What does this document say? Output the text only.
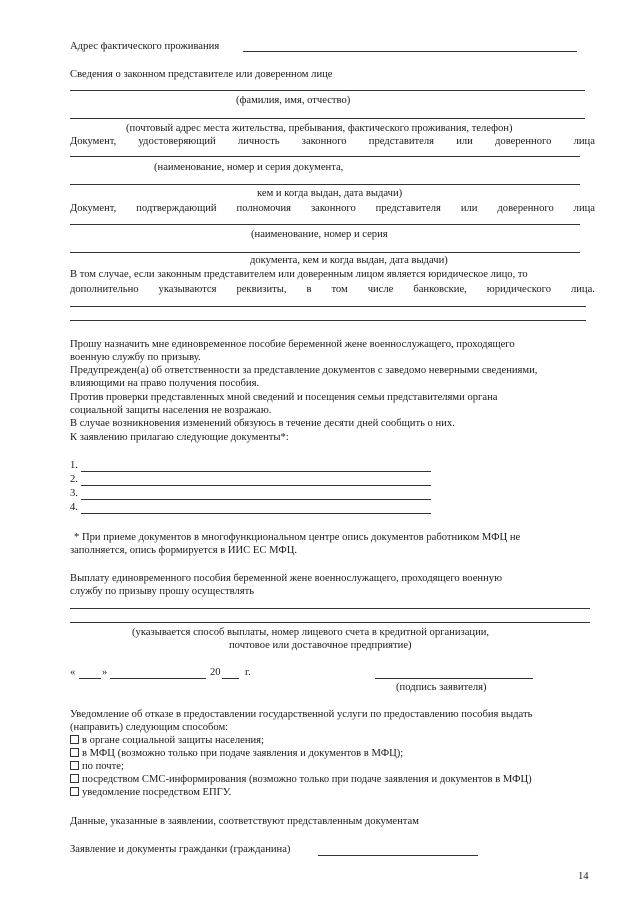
Адрес фактического проживания
Сведения о законном представителе или доверенном лице
(фамилия, имя, отчество)
(почтовый адрес места жительства, пребывания, фактического проживания, телефон)
Документ, удостоверяющий личность законного представителя или доверенного лица
(наименование, номер и серия документа,
кем и когда выдан, дата выдачи)
Документ, подтверждающий полномочия законного представителя или доверенного лица
(наименование, номер и серия
документа, кем и когда выдан, дата выдачи)
В том случае, если законным представителем или доверенным лицом является юридическое лицо, то
дополнительно указываются реквизиты, в том числе банковские, юридического лица.
Прошу назначить мне единовременное пособие беременной жене военнослужащего, проходящего
военную службу по призыву.
Предупрежден(а) об ответственности за представление документов с заведомо неверными сведениями,
влияющими на право получения пособия.
Против проверки представленных мной сведений и посещения семьи представителями органа
социальной защиты населения не возражаю.
В случае возникновения изменений обязуюсь в течение десяти дней сообщить о них.
К заявлению прилагаю следующие документы*:
1.
2.
3.
4.
* При приеме документов в многофункциональном центре опись документов работником МФЦ не
заполняется, опись формируется в ИИС ЕС МФЦ.
Выплату единовременного пособия беременной жене военнослужащего, проходящего военную
службу по призыву прошу осуществлять
(указывается способ выплаты, номер лицевого счета в кредитной организации,
почтовое или доставочное предприятие)
«	»	20 г.
(подпись заявителя)
Уведомление об отказе в предоставлении государственной услуги по предоставлению пособия выдать
(направить) следующим способом:
в органе социальной защиты населения;
в МФЦ (возможно только при подаче заявления и документов в МФЦ);
по почте;
посредством СМС-информирования (возможно только при подаче заявления и документов в МФЦ)
уведомление посредством ЕПГУ.
Данные, указанные в заявлении, соответствуют представленным документам
Заявление и документы гражданки (гражданина)
14
